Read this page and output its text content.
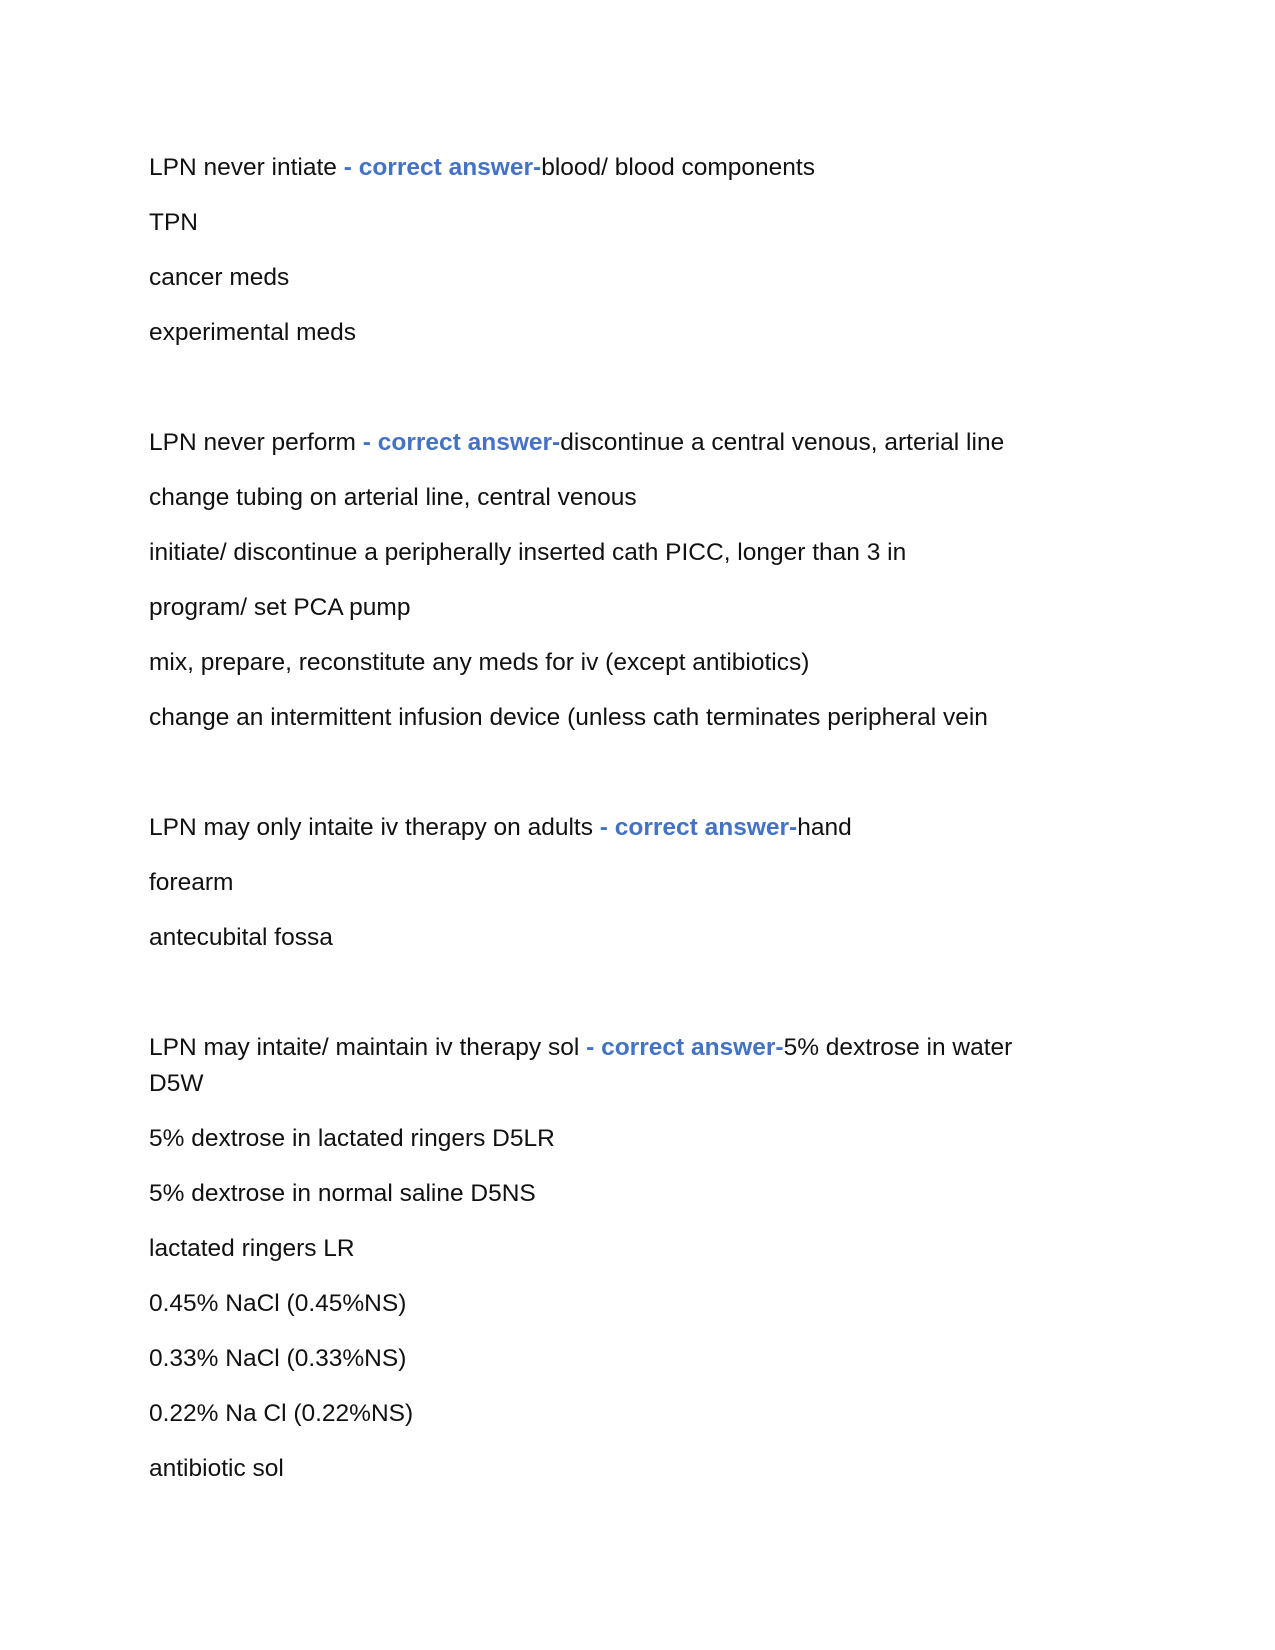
LPN never intiate - correct answer-blood/ blood components
TPN
cancer meds
experimental meds
LPN never perform - correct answer-discontinue a central venous, arterial line
change tubing on arterial line, central venous
initiate/ discontinue a peripherally inserted cath PICC, longer than 3 in
program/ set PCA pump
mix, prepare, reconstitute any meds for iv (except antibiotics)
change an intermittent infusion device (unless cath terminates peripheral vein
LPN may only intaite iv therapy on adults - correct answer-hand
forearm
antecubital fossa
LPN may intaite/ maintain iv therapy sol - correct answer-5% dextrose in water
D5W
5% dextrose in lactated ringers D5LR
5% dextrose in normal saline D5NS
lactated ringers LR
0.45% NaCl (0.45%NS)
0.33% NaCl (0.33%NS)
0.22% Na Cl (0.22%NS)
antibiotic sol
